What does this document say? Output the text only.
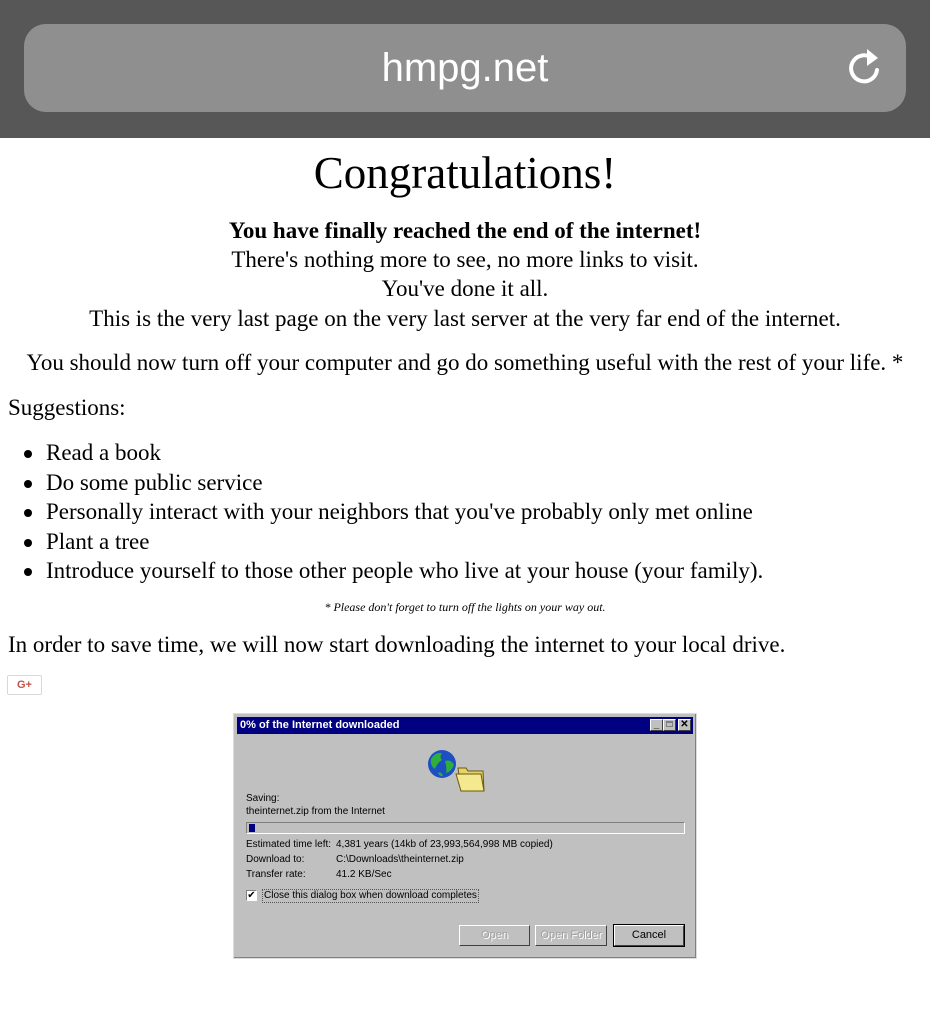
hmpg.net
Congratulations!
You have finally reached the end of the internet!
There's nothing more to see, no more links to visit.
You've done it all.
This is the very last page on the very last server at the very far end of the internet.
You should now turn off your computer and go do something useful with the rest of your life. *
Suggestions:
Read a book
Do some public service
Personally interact with your neighbors that you've probably only met online
Plant a tree
Introduce yourself to those other people who live at your house (your family).
* Please don't forget to turn off the lights on your way out.
In order to save time, we will now start downloading the internet to your local drive.
G+
0% of the Internet downloaded	_	✕
Saving:
theinternet.zip from the Internet
Estimated time left: 4,381 years (14kb of 23,993,564,998 MB copied)
Download to:	C:\Downloads\theinternet.zip
Transfer rate:	41.2 KB/Sec
✔ Close this dialog box when download completes
Open	Open Folder	Cancel
